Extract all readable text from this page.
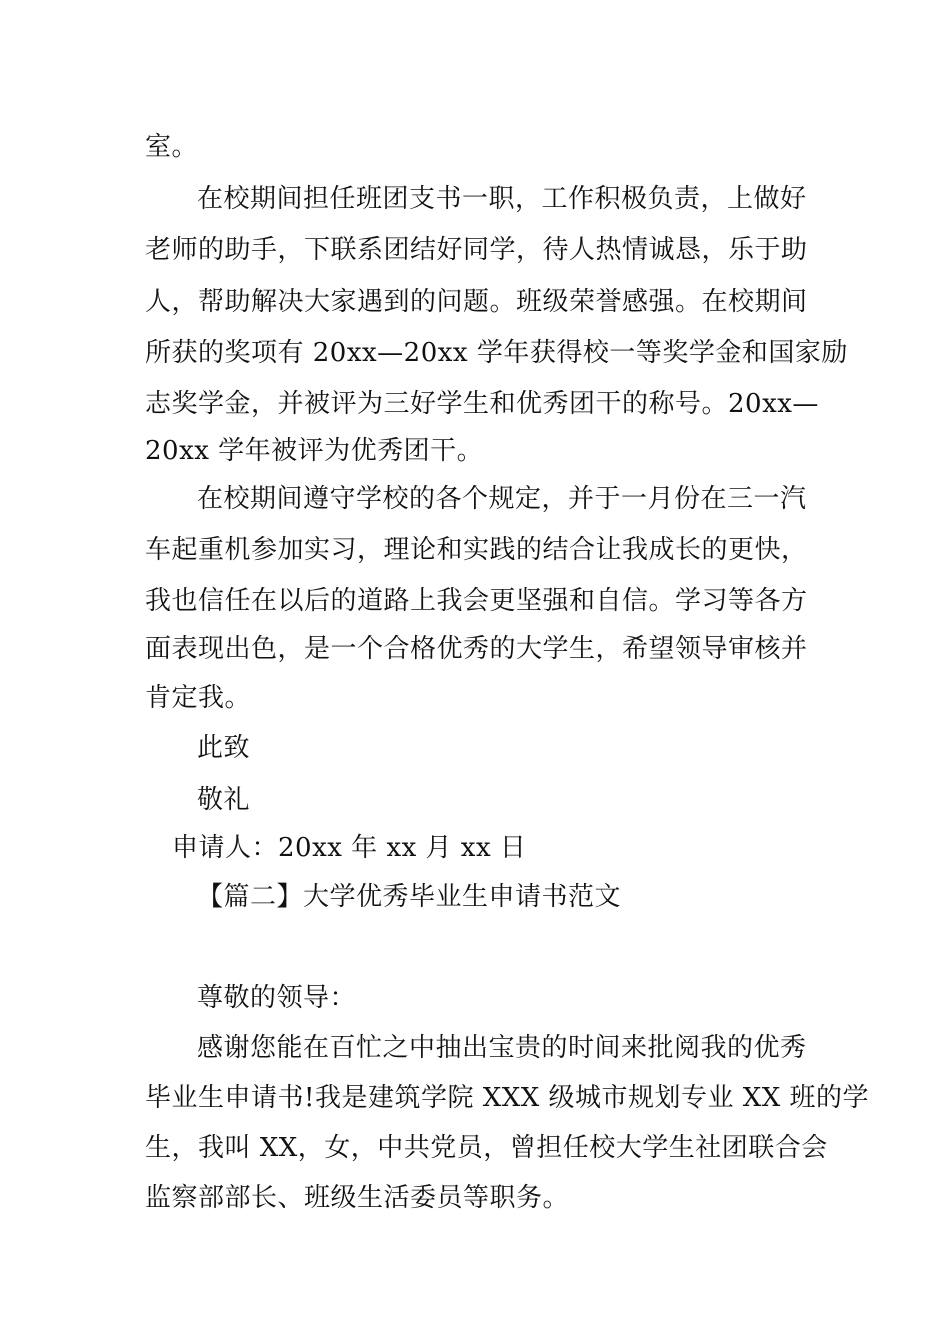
室。
在校期间担任班团支书一职，工作积极负责，上做好
老师的助手，下联系团结好同学，待人热情诚恳，乐于助
人，帮助解决大家遇到的问题。班级荣誉感强。在校期间
所获的奖项有 20xx—20xx 学年获得校一等奖学金和国家励
志奖学金，并被评为三好学生和优秀团干的称号。20xx—
20xx 学年被评为优秀团干。
在校期间遵守学校的各个规定，并于一月份在三一汽
车起重机参加实习，理论和实践的结合让我成长的更快，
我也信任在以后的道路上我会更坚强和自信。学习等各方
面表现出色，是一个合格优秀的大学生，希望领导审核并
肯定我。
此致
敬礼
申请人：20xx 年 xx 月 xx 日
【篇二】大学优秀毕业生申请书范文
尊敬的领导：
感谢您能在百忙之中抽出宝贵的时间来批阅我的优秀
毕业生申请书!我是建筑学院 XXX 级城市规划专业 XX 班的学
生，我叫 XX，女，中共党员，曾担任校大学生社团联合会
监察部部长、班级生活委员等职务。
